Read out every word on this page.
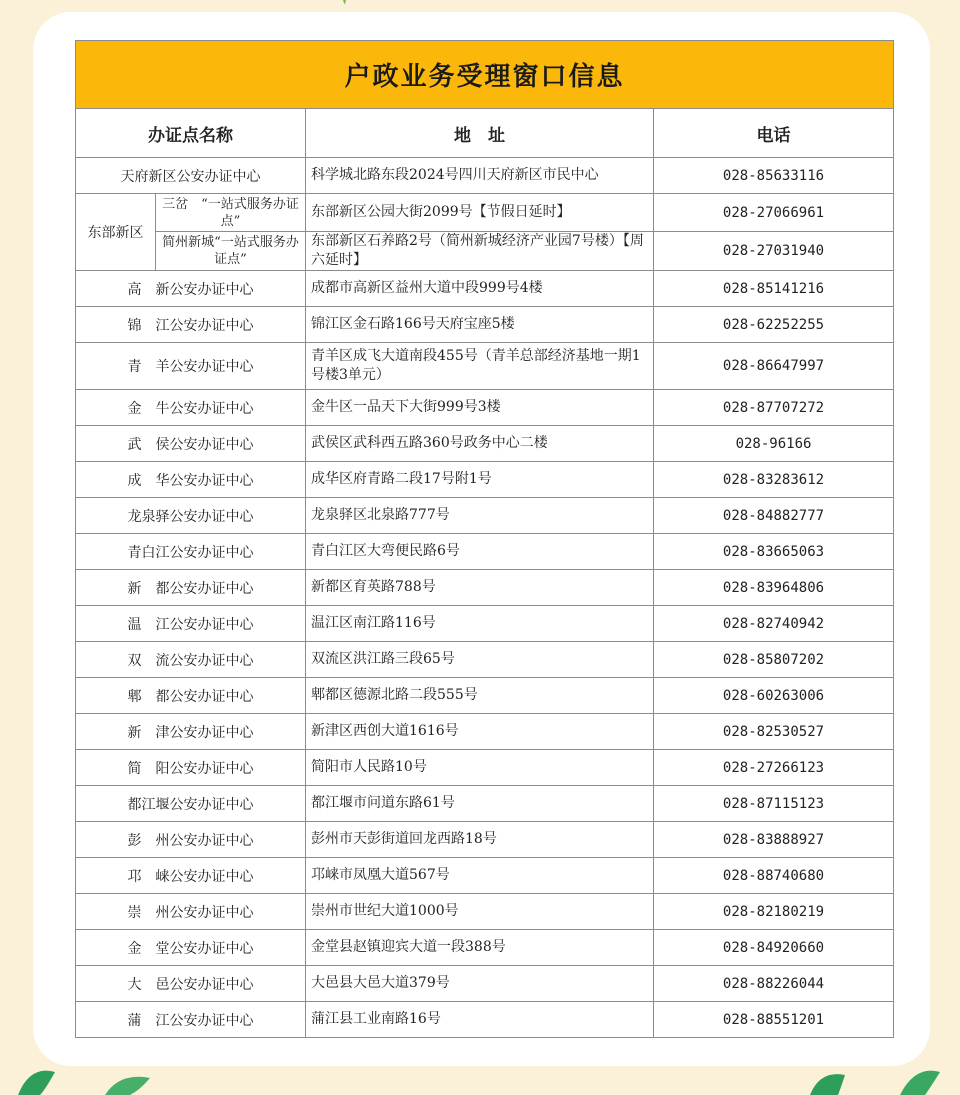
户政业务受理窗口信息			
办证点名称		地　址	电话
天府新区公安办证中心		科学城北路东段2024号四川天府新区市民中心	028-85633116
东部新区	三岔　“一站式服务办证点”	东部新区公园大街2099号【节假日延时】	028-27066961
	简州新城“一站式服务办证点”	东部新区石养路2号（简州新城经济产业园7号楼）【周六延时】	028-27031940
高　新公安办证中心		成都市高新区益州大道中段999号4楼	028-85141216
锦　江公安办证中心		锦江区金石路166号天府宝座5楼	028-62252255
青　羊公安办证中心		青羊区成飞大道南段455号（青羊总部经济基地一期1号楼3单元）	028-86647997
金　牛公安办证中心		金牛区一品天下大街999号3楼	028-87707272
武　侯公安办证中心		武侯区武科西五路360号政务中心二楼	028-96166
成　华公安办证中心		成华区府青路二段17号附1号	028-83283612
龙泉驿公安办证中心		龙泉驿区北泉路777号	028-84882777
青白江公安办证中心		青白江区大弯便民路6号	028-83665063
新　都公安办证中心		新都区育英路788号	028-83964806
温　江公安办证中心		温江区南江路116号	028-82740942
双　流公安办证中心		双流区洪江路三段65号	028-85807202
郫　都公安办证中心		郫都区德源北路二段555号	028-60263006
新　津公安办证中心		新津区西创大道1616号	028-82530527
简　阳公安办证中心		简阳市人民路10号	028-27266123
都江堰公安办证中心		都江堰市问道东路61号	028-87115123
彭　州公安办证中心		彭州市天彭街道回龙西路18号	028-83888927
邛　崃公安办证中心		邛崃市凤凰大道567号	028-88740680
崇　州公安办证中心		崇州市世纪大道1000号	028-82180219
金　堂公安办证中心		金堂县赵镇迎宾大道一段388号	028-84920660
大　邑公安办证中心		大邑县大邑大道379号	028-88226044
蒲　江公安办证中心		蒲江县工业南路16号	028-88551201
